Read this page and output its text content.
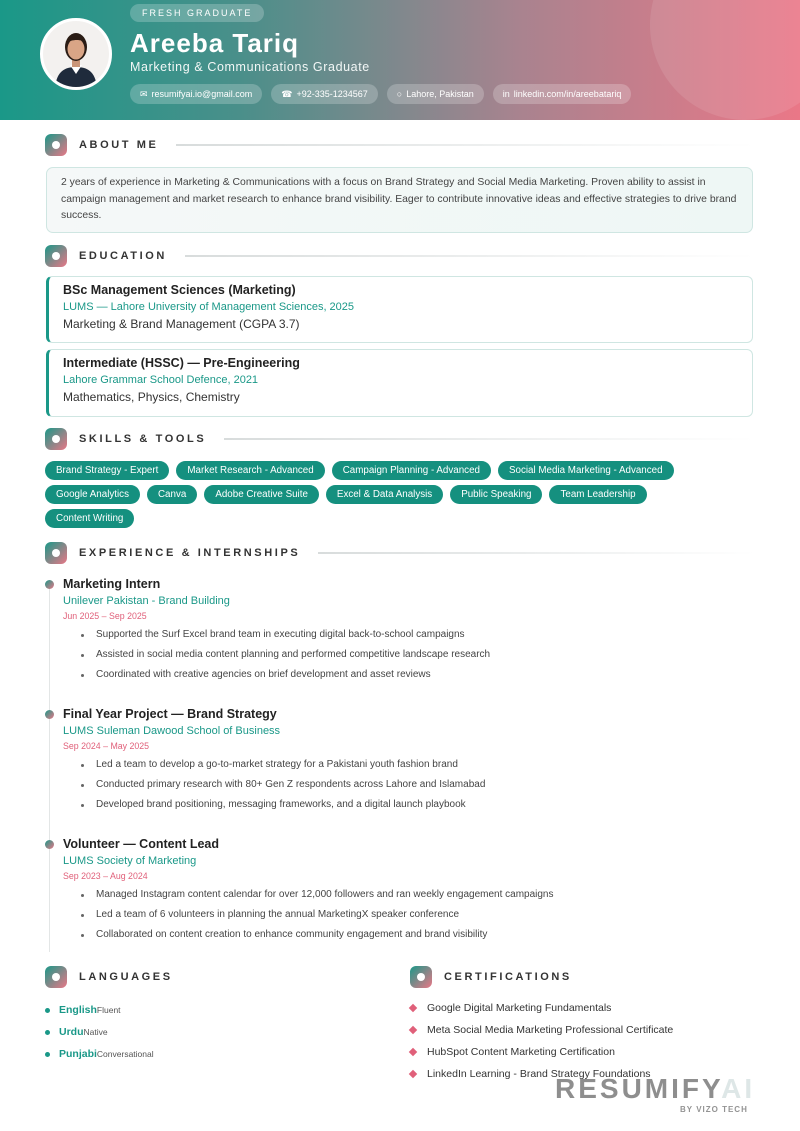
FRESH GRADUATE
Areeba Tariq
Marketing & Communications Graduate
✉ resumifyai.io@gmail.com	☎ +92-335-1234567	○ Lahore, Pakistan	in linkedin.com/in/areebatariq
ABOUT ME
2 years of experience in Marketing & Communications with a focus on Brand Strategy and Social Media Marketing. Proven ability to assist in campaign management and market research to enhance brand visibility. Eager to contribute innovative ideas and effective strategies to drive brand success.
EDUCATION
BSc Management Sciences (Marketing)
LUMS — Lahore University of Management Sciences, 2025
Marketing & Brand Management (CGPA 3.7)
Intermediate (HSSC) — Pre-Engineering
Lahore Grammar School Defence, 2021
Mathematics, Physics, Chemistry
SKILLS & TOOLS
Brand Strategy - Expert	Market Research - Advanced	Campaign Planning - Advanced	Social Media Marketing - Advanced
Google Analytics	Canva	Adobe Creative Suite	Excel & Data Analysis	Public Speaking	Team Leadership
Content Writing
EXPERIENCE & INTERNSHIPS
Marketing Intern
Unilever Pakistan - Brand Building
Jun 2025 – Sep 2025
Supported the Surf Excel brand team in executing digital back-to-school campaigns
Assisted in social media content planning and performed competitive landscape research
Coordinated with creative agencies on brief development and asset reviews
Final Year Project — Brand Strategy
LUMS Suleman Dawood School of Business
Sep 2024 – May 2025
Led a team to develop a go-to-market strategy for a Pakistani youth fashion brand
Conducted primary research with 80+ Gen Z respondents across Lahore and Islamabad
Developed brand positioning, messaging frameworks, and a digital launch playbook
Volunteer — Content Lead
LUMS Society of Marketing
Sep 2023 – Aug 2024
Managed Instagram content calendar for over 12,000 followers and ran weekly engagement campaigns
Led a team of 6 volunteers in planning the annual MarketingX speaker conference
Collaborated on content creation to enhance community engagement and brand visibility
LANGUAGES
English Fluent
Urdu Native
Punjabi Conversational
CERTIFICATIONS
Google Digital Marketing Fundamentals
Meta Social Media Marketing Professional Certificate
HubSpot Content Marketing Certification
LinkedIn Learning - Brand Strategy Foundations
RESUMIFYAI
BY VIZO TECH
